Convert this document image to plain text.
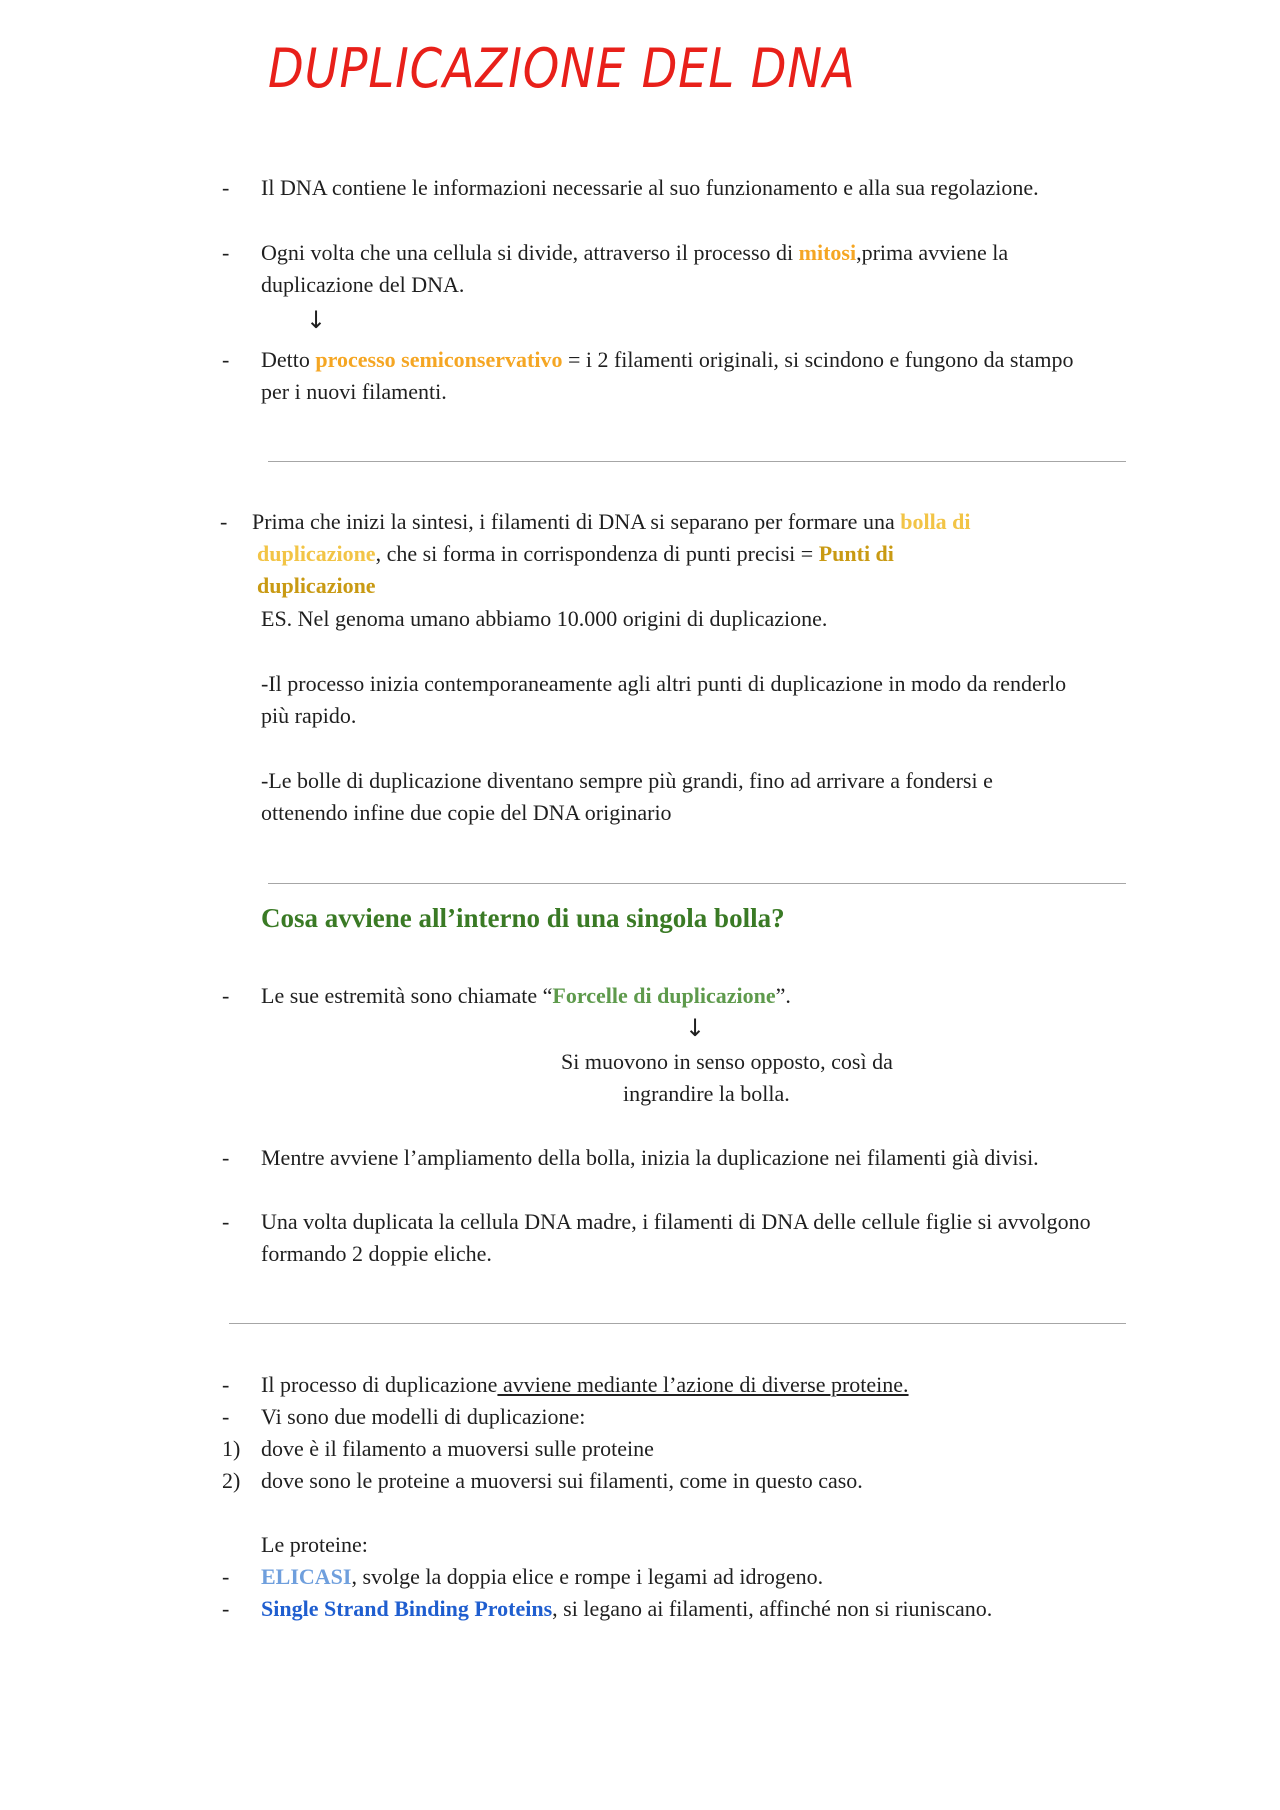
DUPLICAZIONE DEL DNA
-	Il DNA contiene le informazioni necessarie al suo funzionamento e alla sua regolazione.
-	Ogni volta che una cellula si divide, attraverso il processo di mitosi,prima avviene la
duplicazione del DNA.
↓
-	Detto processo semiconservativo = i 2 filamenti originali, si scindono e fungono da stampo
per i nuovi filamenti.
-	Prima che inizi la sintesi, i filamenti di DNA si separano per formare una bolla di
duplicazione, che si forma in corrispondenza di punti precisi = Punti di
duplicazione
ES. Nel genoma umano abbiamo 10.000 origini di duplicazione.
-Il processo inizia contemporaneamente agli altri punti di duplicazione in modo da renderlo
più rapido.
-Le bolle di duplicazione diventano sempre più grandi, fino ad arrivare a fondersi e
ottenendo infine due copie del DNA originario
Cosa avviene all’interno di una singola bolla?
-	Le sue estremità sono chiamate “Forcelle di duplicazione”.
↓
Si muovono in senso opposto, così da
ingrandire la bolla.
-	Mentre avviene l’ampliamento della bolla, inizia la duplicazione nei filamenti già divisi.
-	Una volta duplicata la cellula DNA madre, i filamenti di DNA delle cellule figlie si avvolgono
formando 2 doppie eliche.
-	Il processo di duplicazione avviene mediante l’azione di diverse proteine.
-	Vi sono due modelli di duplicazione:
1) dove è il filamento a muoversi sulle proteine
2) dove sono le proteine a muoversi sui filamenti, come in questo caso.
Le proteine:
-	ELICASI, svolge la doppia elice e rompe i legami ad idrogeno.
-	Single Strand Binding Proteins, si legano ai filamenti, affinché non si riuniscano.
